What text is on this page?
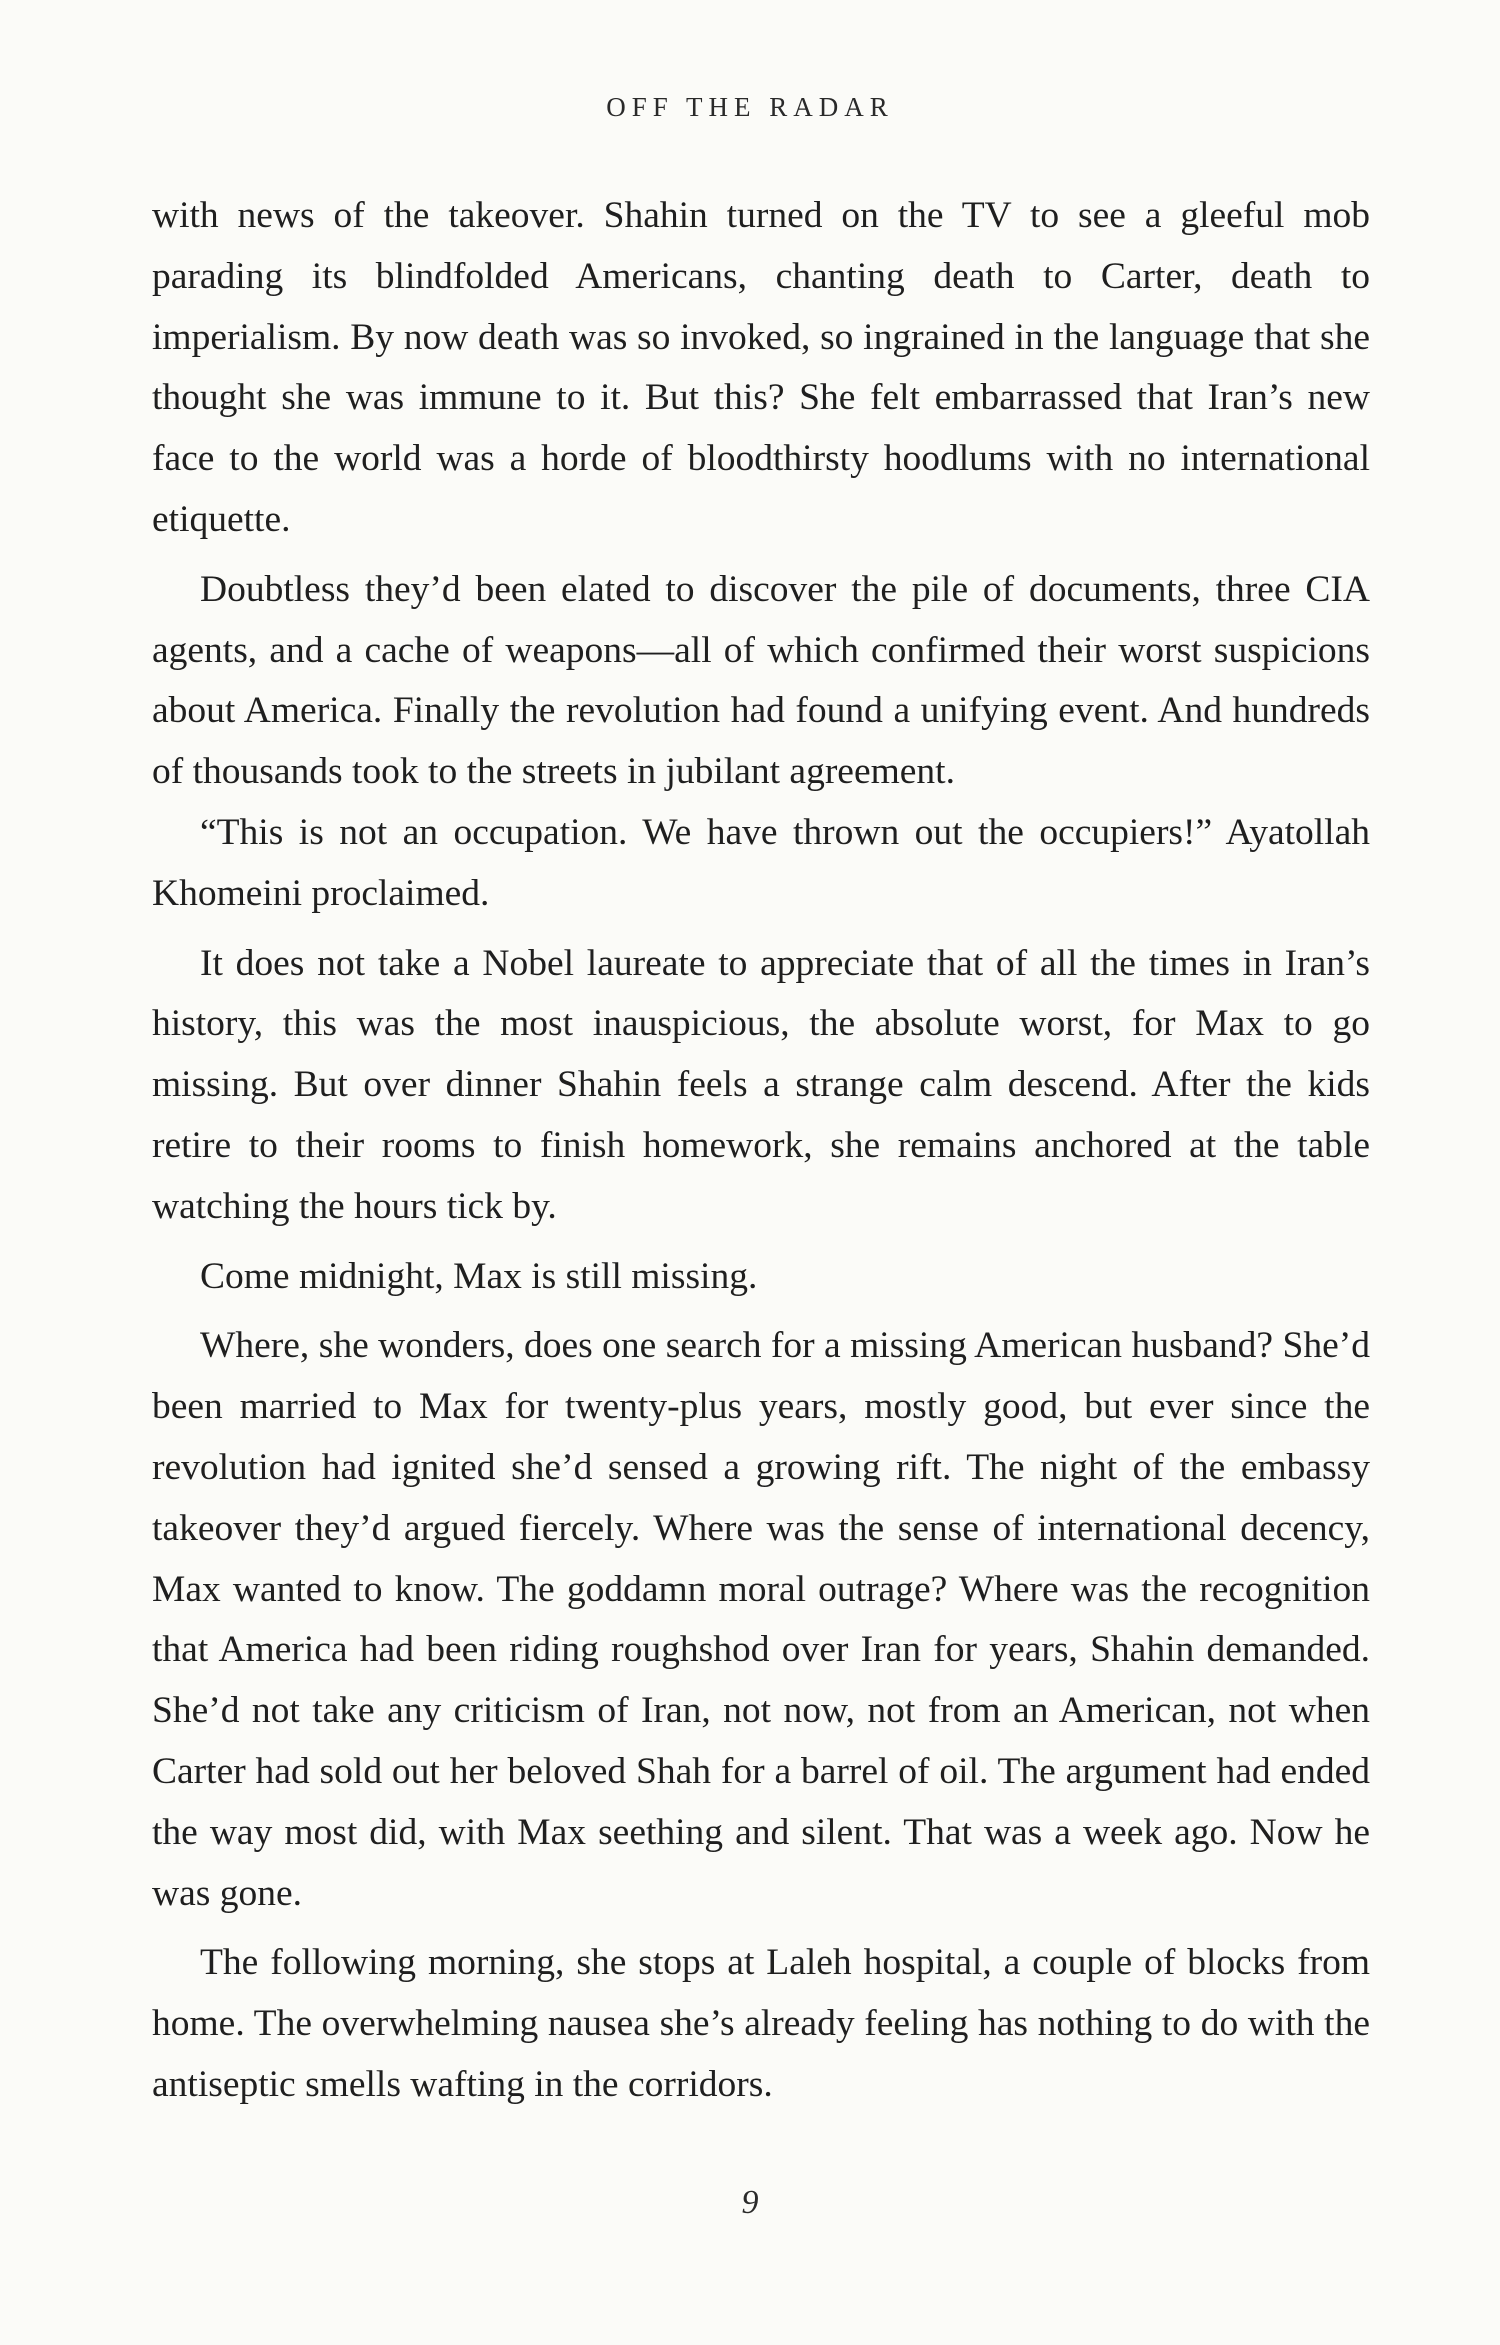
OFF THE RADAR

with news of the takeover. Shahin turned on the TV to see a gleeful mob parading its blindfolded Americans, chanting death to Carter, death to imperialism. By now death was so invoked, so ingrained in the language that she thought she was immune to it. But this? She felt embarrassed that Iran’s new face to the world was a horde of bloodthirsty hoodlums with no international etiquette.

Doubtless they’d been elated to discover the pile of documents, three CIA agents, and a cache of weapons—all of which confirmed their worst suspicions about America. Finally the revolution had found a unifying event. And hundreds of thousands took to the streets in jubilant agreement.

“This is not an occupation. We have thrown out the occupiers!” Ayatollah Khomeini proclaimed.

It does not take a Nobel laureate to appreciate that of all the times in Iran’s history, this was the most inauspicious, the absolute worst, for Max to go missing. But over dinner Shahin feels a strange calm descend. After the kids retire to their rooms to finish homework, she remains anchored at the table watching the hours tick by.

Come midnight, Max is still missing.

Where, she wonders, does one search for a missing American husband? She’d been married to Max for twenty-plus years, mostly good, but ever since the revolution had ignited she’d sensed a growing rift. The night of the embassy takeover they’d argued fiercely. Where was the sense of international decency, Max wanted to know. The goddamn moral outrage? Where was the recognition that America had been riding roughshod over Iran for years, Shahin demanded. She’d not take any criticism of Iran, not now, not from an American, not when Carter had sold out her beloved Shah for a barrel of oil. The argument had ended the way most did, with Max seething and silent. That was a week ago. Now he was gone.

The following morning, she stops at Laleh hospital, a couple of blocks from home. The overwhelming nausea she’s already feeling has nothing to do with the antiseptic smells wafting in the corridors.

9
